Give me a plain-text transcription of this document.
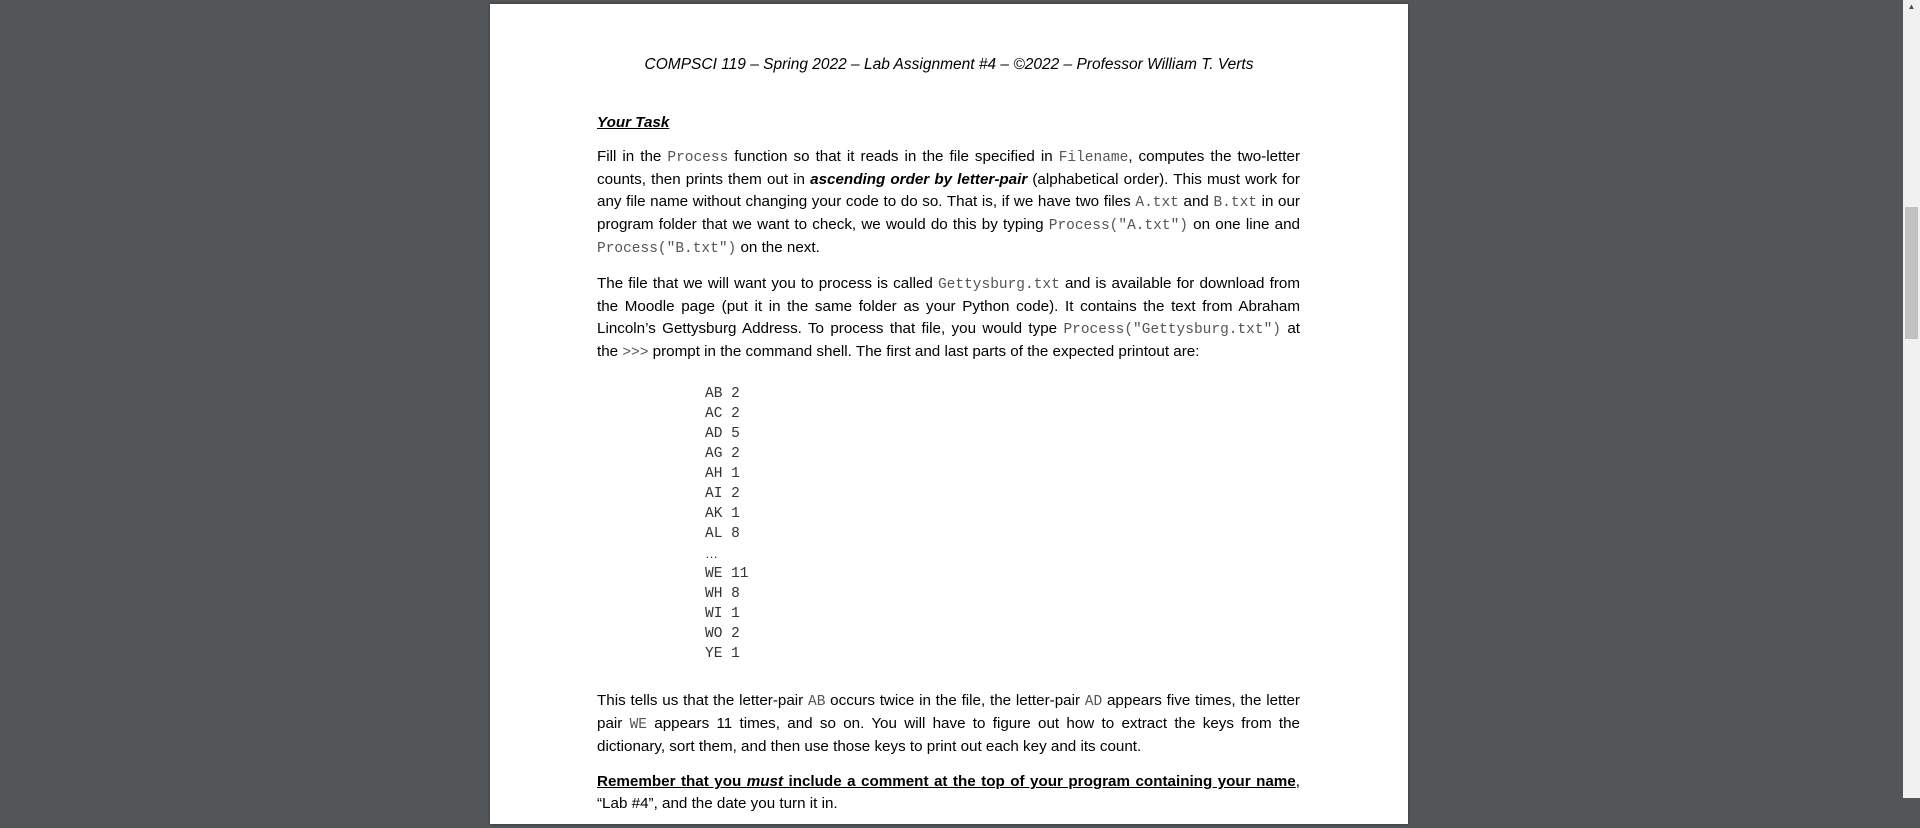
COMPSCI 119 – Spring 2022 – Lab Assignment #4 – ©2022 – Professor William T. Verts
Your Task

Fill in the Process function so that it reads in the file specified in Filename, computes the two-letter counts, then prints them out in ascending order by letter-pair (alphabetical order). This must work for any file name without changing your code to do so. That is, if we have two files A.txt and B.txt in our program folder that we want to check, we would do this by typing Process("A.txt") on one line and Process("B.txt") on the next.

The file that we will want you to process is called Gettysburg.txt and is available for download from the Moodle page (put it in the same folder as your Python code). It contains the text from Abraham Lincoln’s Gettysburg Address. To process that file, you would type Process("Gettysburg.txt") at the >>> prompt in the command shell. The first and last parts of the expected printout are:

AB 2
AC 2
AD 5
AG 2
AH 1
AI 2
AK 1
AL 8
…
WE 11
WH 8
WI 1
WO 2
YE 1

This tells us that the letter-pair AB occurs twice in the file, the letter-pair AD appears five times, the letter pair WE appears 11 times, and so on. You will have to figure out how to extract the keys from the dictionary, sort them, and then use those keys to print out each key and its count.

Remember that you must include a comment at the top of your program containing your name, “Lab #4”, and the date you turn it in.

▲
